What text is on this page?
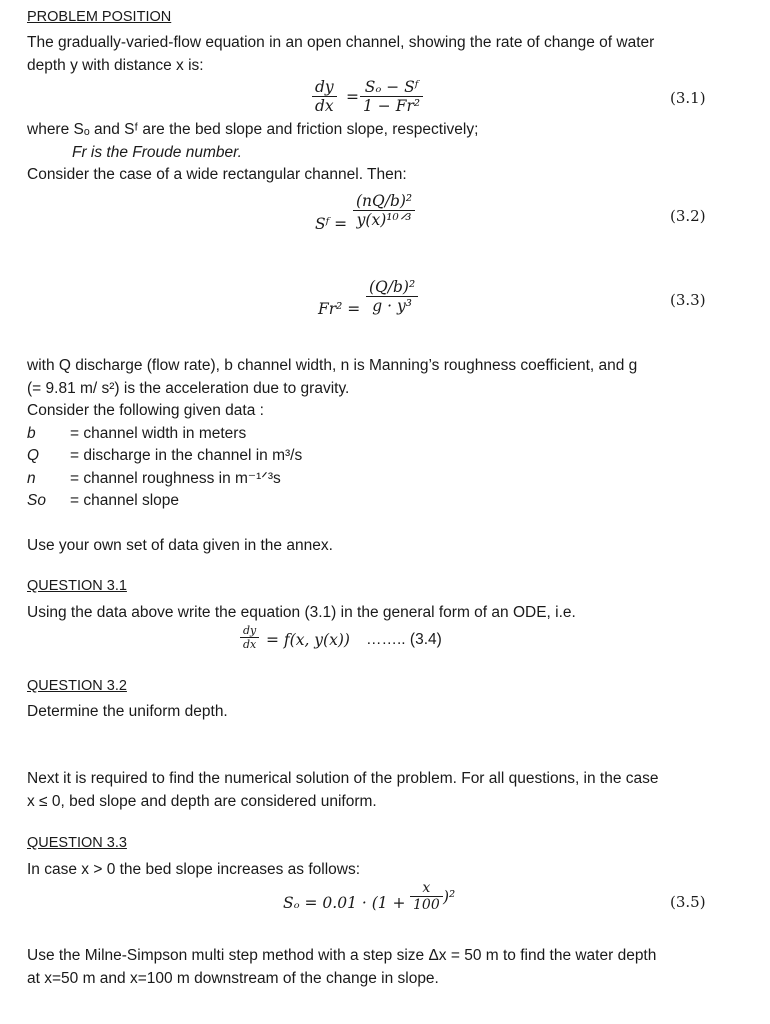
PROBLEM POSITION
The gradually-varied-flow equation in an open channel, showing the rate of change of water
depth y with distance x is:
dy
dx =
Sₒ − Sᶠ
1 − Fr²	(3.1)
where Sₒ and Sᶠ are the bed slope and friction slope, respectively;
Fr is the Froude number.
Consider the case of a wide rectangular channel. Then:
Sᶠ =
(nQ/b)²
y(x)¹⁰ᐟ³	(3.2)
Fr² =
(Q/b)²
g · y³	(3.3)
with Q discharge (flow rate), b channel width, n is Manning’s roughness coefficient, and g
(= 9.81 m/ s²) is the acceleration due to gravity.
Consider the following given data :
b = channel width in meters
Q = discharge in the channel in m³/s
n = channel roughness in m⁻¹ᐟ³s
So = channel slope
Use your own set of data given in the annex.
QUESTION 3.1
Using the data above write the equation (3.1) in the general form of an ODE, i.e.
dy
dx = f(x, y(x)) …….. (3.4)
QUESTION 3.2
Determine the uniform depth.
Next it is required to find the numerical solution of the problem. For all questions, in the case
x ≤ 0, bed slope and depth are considered uniform.
QUESTION 3.3
In case x > 0 the bed slope increases as follows:
Sₒ = 0.01 · (1 +
x
100 )²	(3.5)
Use the Milne-Simpson multi step method with a step size Δx = 50 m to find the water depth
at x=50 m and x=100 m downstream of the change in slope.
